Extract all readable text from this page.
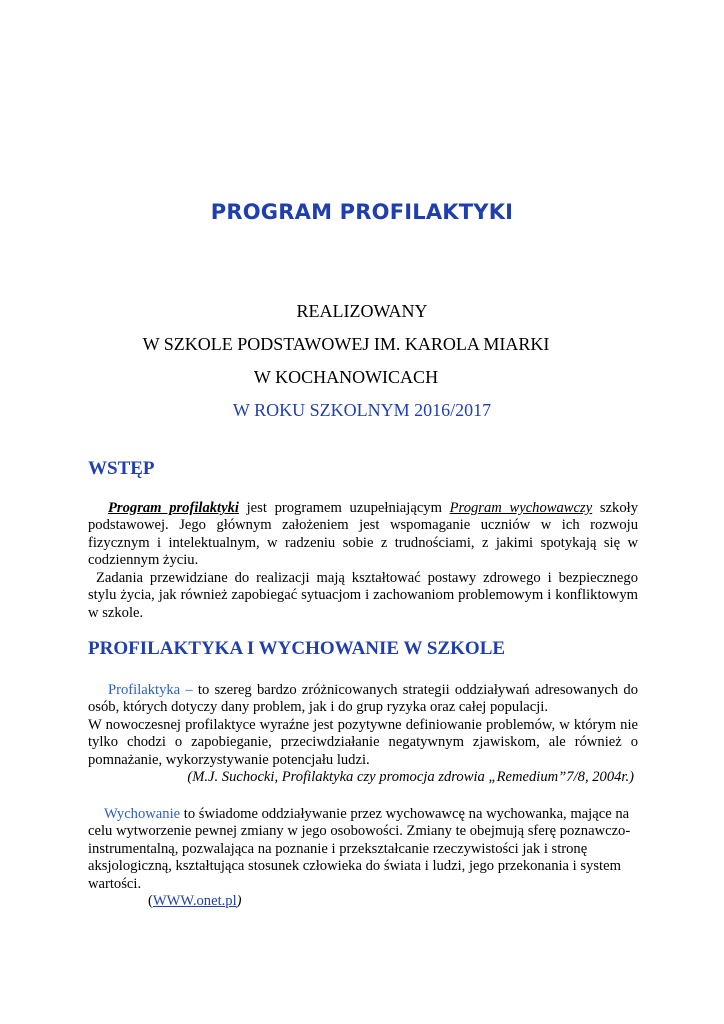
PROGRAM PROFILAKTYKI
REALIZOWANY
W SZKOLE PODSTAWOWEJ IM. KAROLA MIARKI
W KOCHANOWICACH
W ROKU SZKOLNYM 2016/2017
WSTĘP
Program profilaktyki jest programem uzupełniającym Program wychowawczy szkoły podstawowej. Jego głównym założeniem jest wspomaganie uczniów w ich rozwoju fizycznym i intelektualnym, w radzeniu sobie z trudnościami, z jakimi spotykają się w codziennym życiu.
Zadania przewidziane do realizacji mają kształtować postawy zdrowego i bezpiecznego stylu życia, jak również zapobiegać sytuacjom i zachowaniom problemowym i konfliktowym w szkole.
PROFILAKTYKA I WYCHOWANIE W SZKOLE
Profilaktyka – to szereg bardzo zróżnicowanych strategii oddziaływań adresowanych do osób, których dotyczy dany problem, jak i do grup ryzyka oraz całej populacji.
W nowoczesnej profilaktyce wyraźne jest pozytywne definiowanie problemów, w którym nie tylko chodzi o zapobieganie, przeciwdziałanie negatywnym zjawiskom, ale również o pomnażanie, wykorzystywanie potencjału ludzi.
(M.J. Suchocki, Profilaktyka czy promocja zdrowia „Remedium”7/8, 2004r.)
Wychowanie to świadome oddziaływanie przez wychowawcę na wychowanka, mające na celu wytworzenie pewnej zmiany w jego osobowości. Zmiany te obejmują sferę poznawczo-instrumentalną, pozwalająca na poznanie i przekształcanie rzeczywistości jak i stronę aksjologiczną, kształtująca stosunek człowieka do świata i ludzi, jego przekonania i system wartości.
(WWW.onet.pl)
